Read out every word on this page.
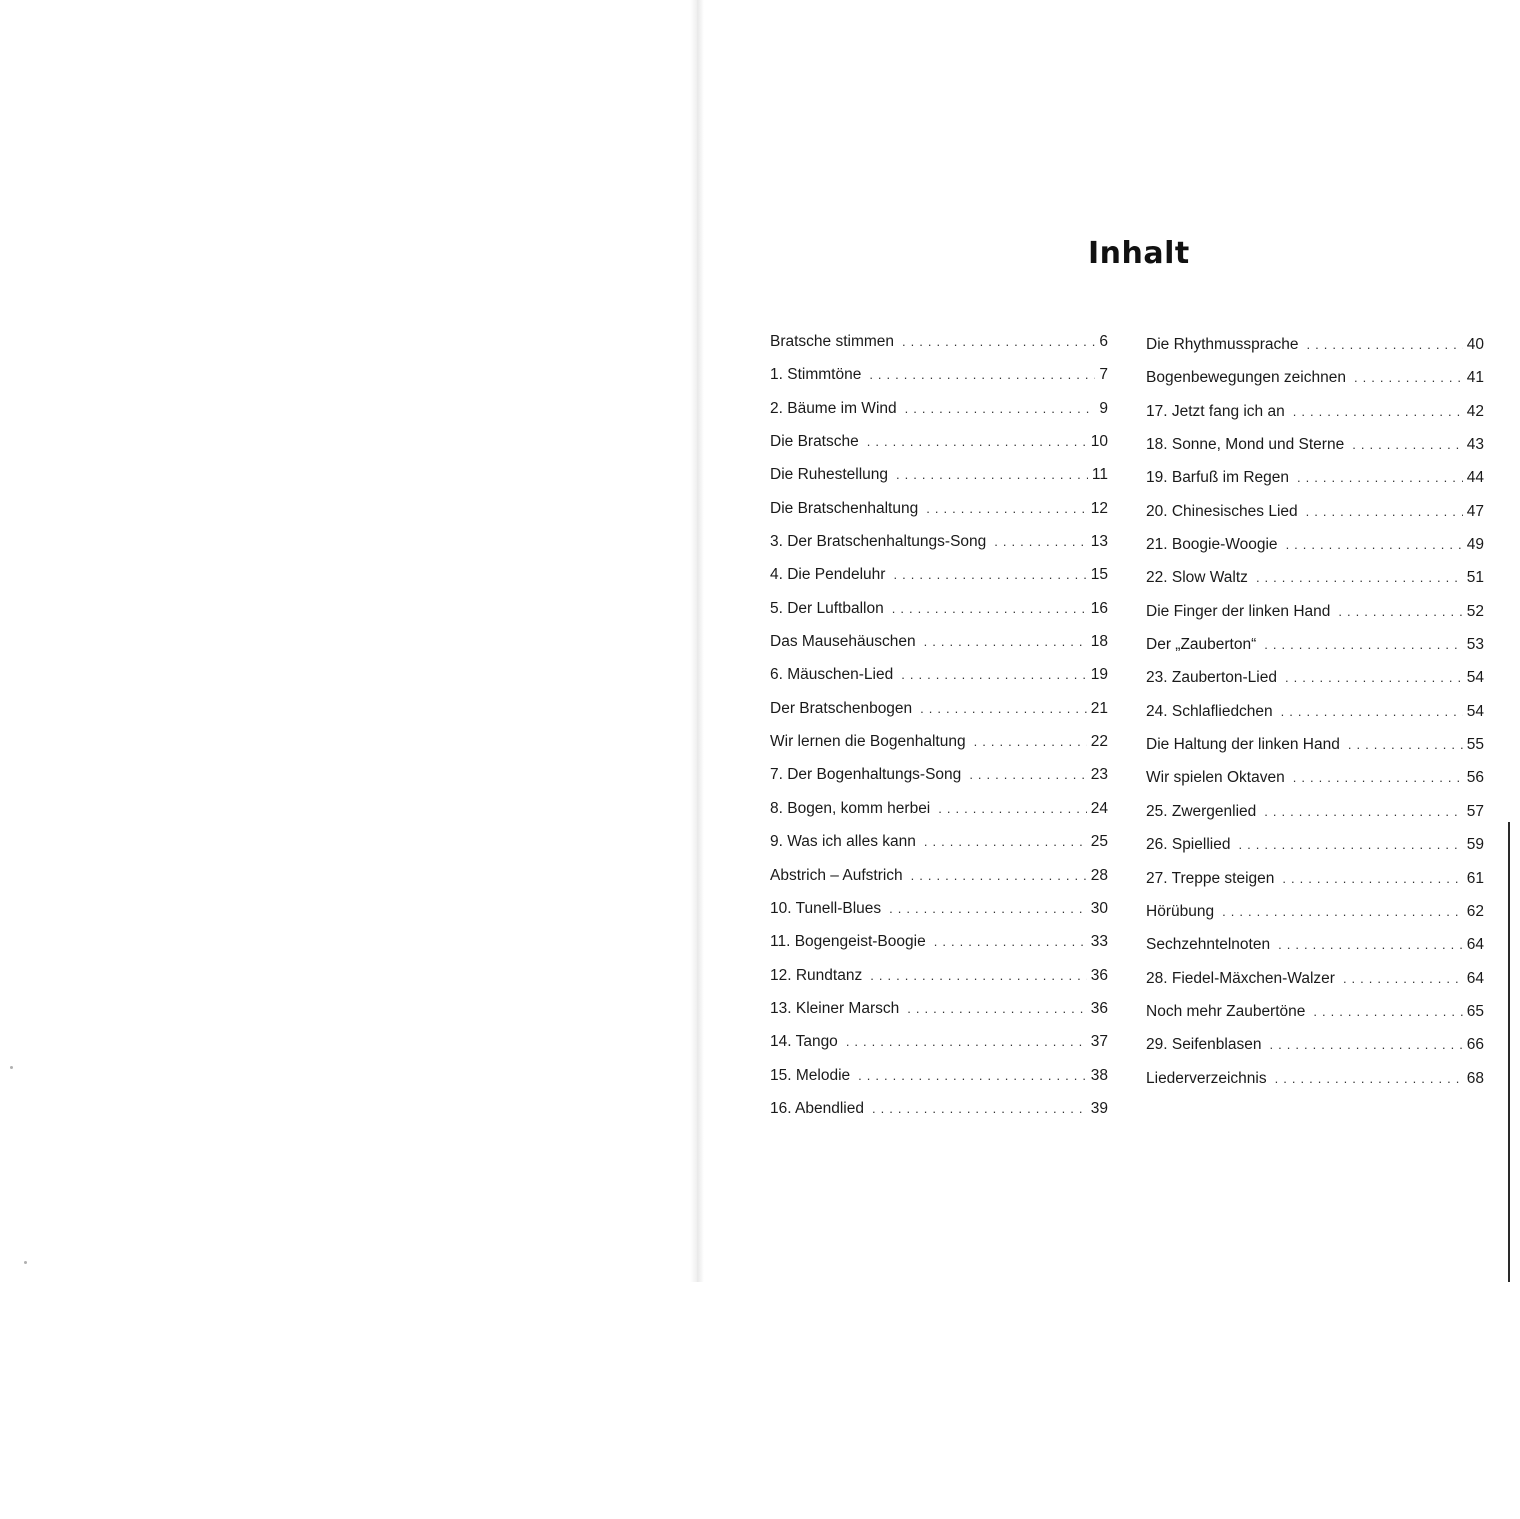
Inhalt
Bratsche stimmen . . .	6
1. Stimmtöne . . .	7
2. Bäume im Wind . . .	9
Die Bratsche . . .	10
Die Ruhestellung . . .	11
Die Bratschenhaltung . . .	12
3. Der Bratschenhaltungs-Song . . .	13
4. Die Pendeluhr . . .	15
5. Der Luftballon . . .	16
Das Mausehäuschen . . .	18
6. Mäuschen-Lied . . .	19
Der Bratschenbogen . . .	21
Wir lernen die Bogenhaltung . . .	22
7. Der Bogenhaltungs-Song . . .	23
8. Bogen, komm herbei . . .	24
9. Was ich alles kann . . .	25
Abstrich – Aufstrich . . .	28
10. Tunell-Blues . . .	30
11. Bogengeist-Boogie . . .	33
12. Rundtanz . . .	36
13. Kleiner Marsch . . .	36
14. Tango . . .	37
15. Melodie . . .	38
16. Abendlied . . .	39
Die Rhythmussprache . . .	40
Bogenbewegungen zeichnen . . .	41
17. Jetzt fang ich an . . .	42
18. Sonne, Mond und Sterne . . .	43
19. Barfuß im Regen . . .	44
20. Chinesisches Lied . . .	47
21. Boogie-Woogie . . .	49
22. Slow Waltz . . .	51
Die Finger der linken Hand . . .	52
Der „Zauberton“ . . .	53
23. Zauberton-Lied . . .	54
24. Schlafliedchen . . .	54
Die Haltung der linken Hand . . .	55
Wir spielen Oktaven . . .	56
25. Zwergenlied . . .	57
26. Spiellied . . .	59
27. Treppe steigen . . .	61
Hörübung . . .	62
Sechzehntelnoten . . .	64
28. Fiedel-Mäxchen-Walzer . . .	64
Noch mehr Zaubertöne . . .	65
29. Seifenblasen . . .	66
Liederverzeichnis . . .	68
